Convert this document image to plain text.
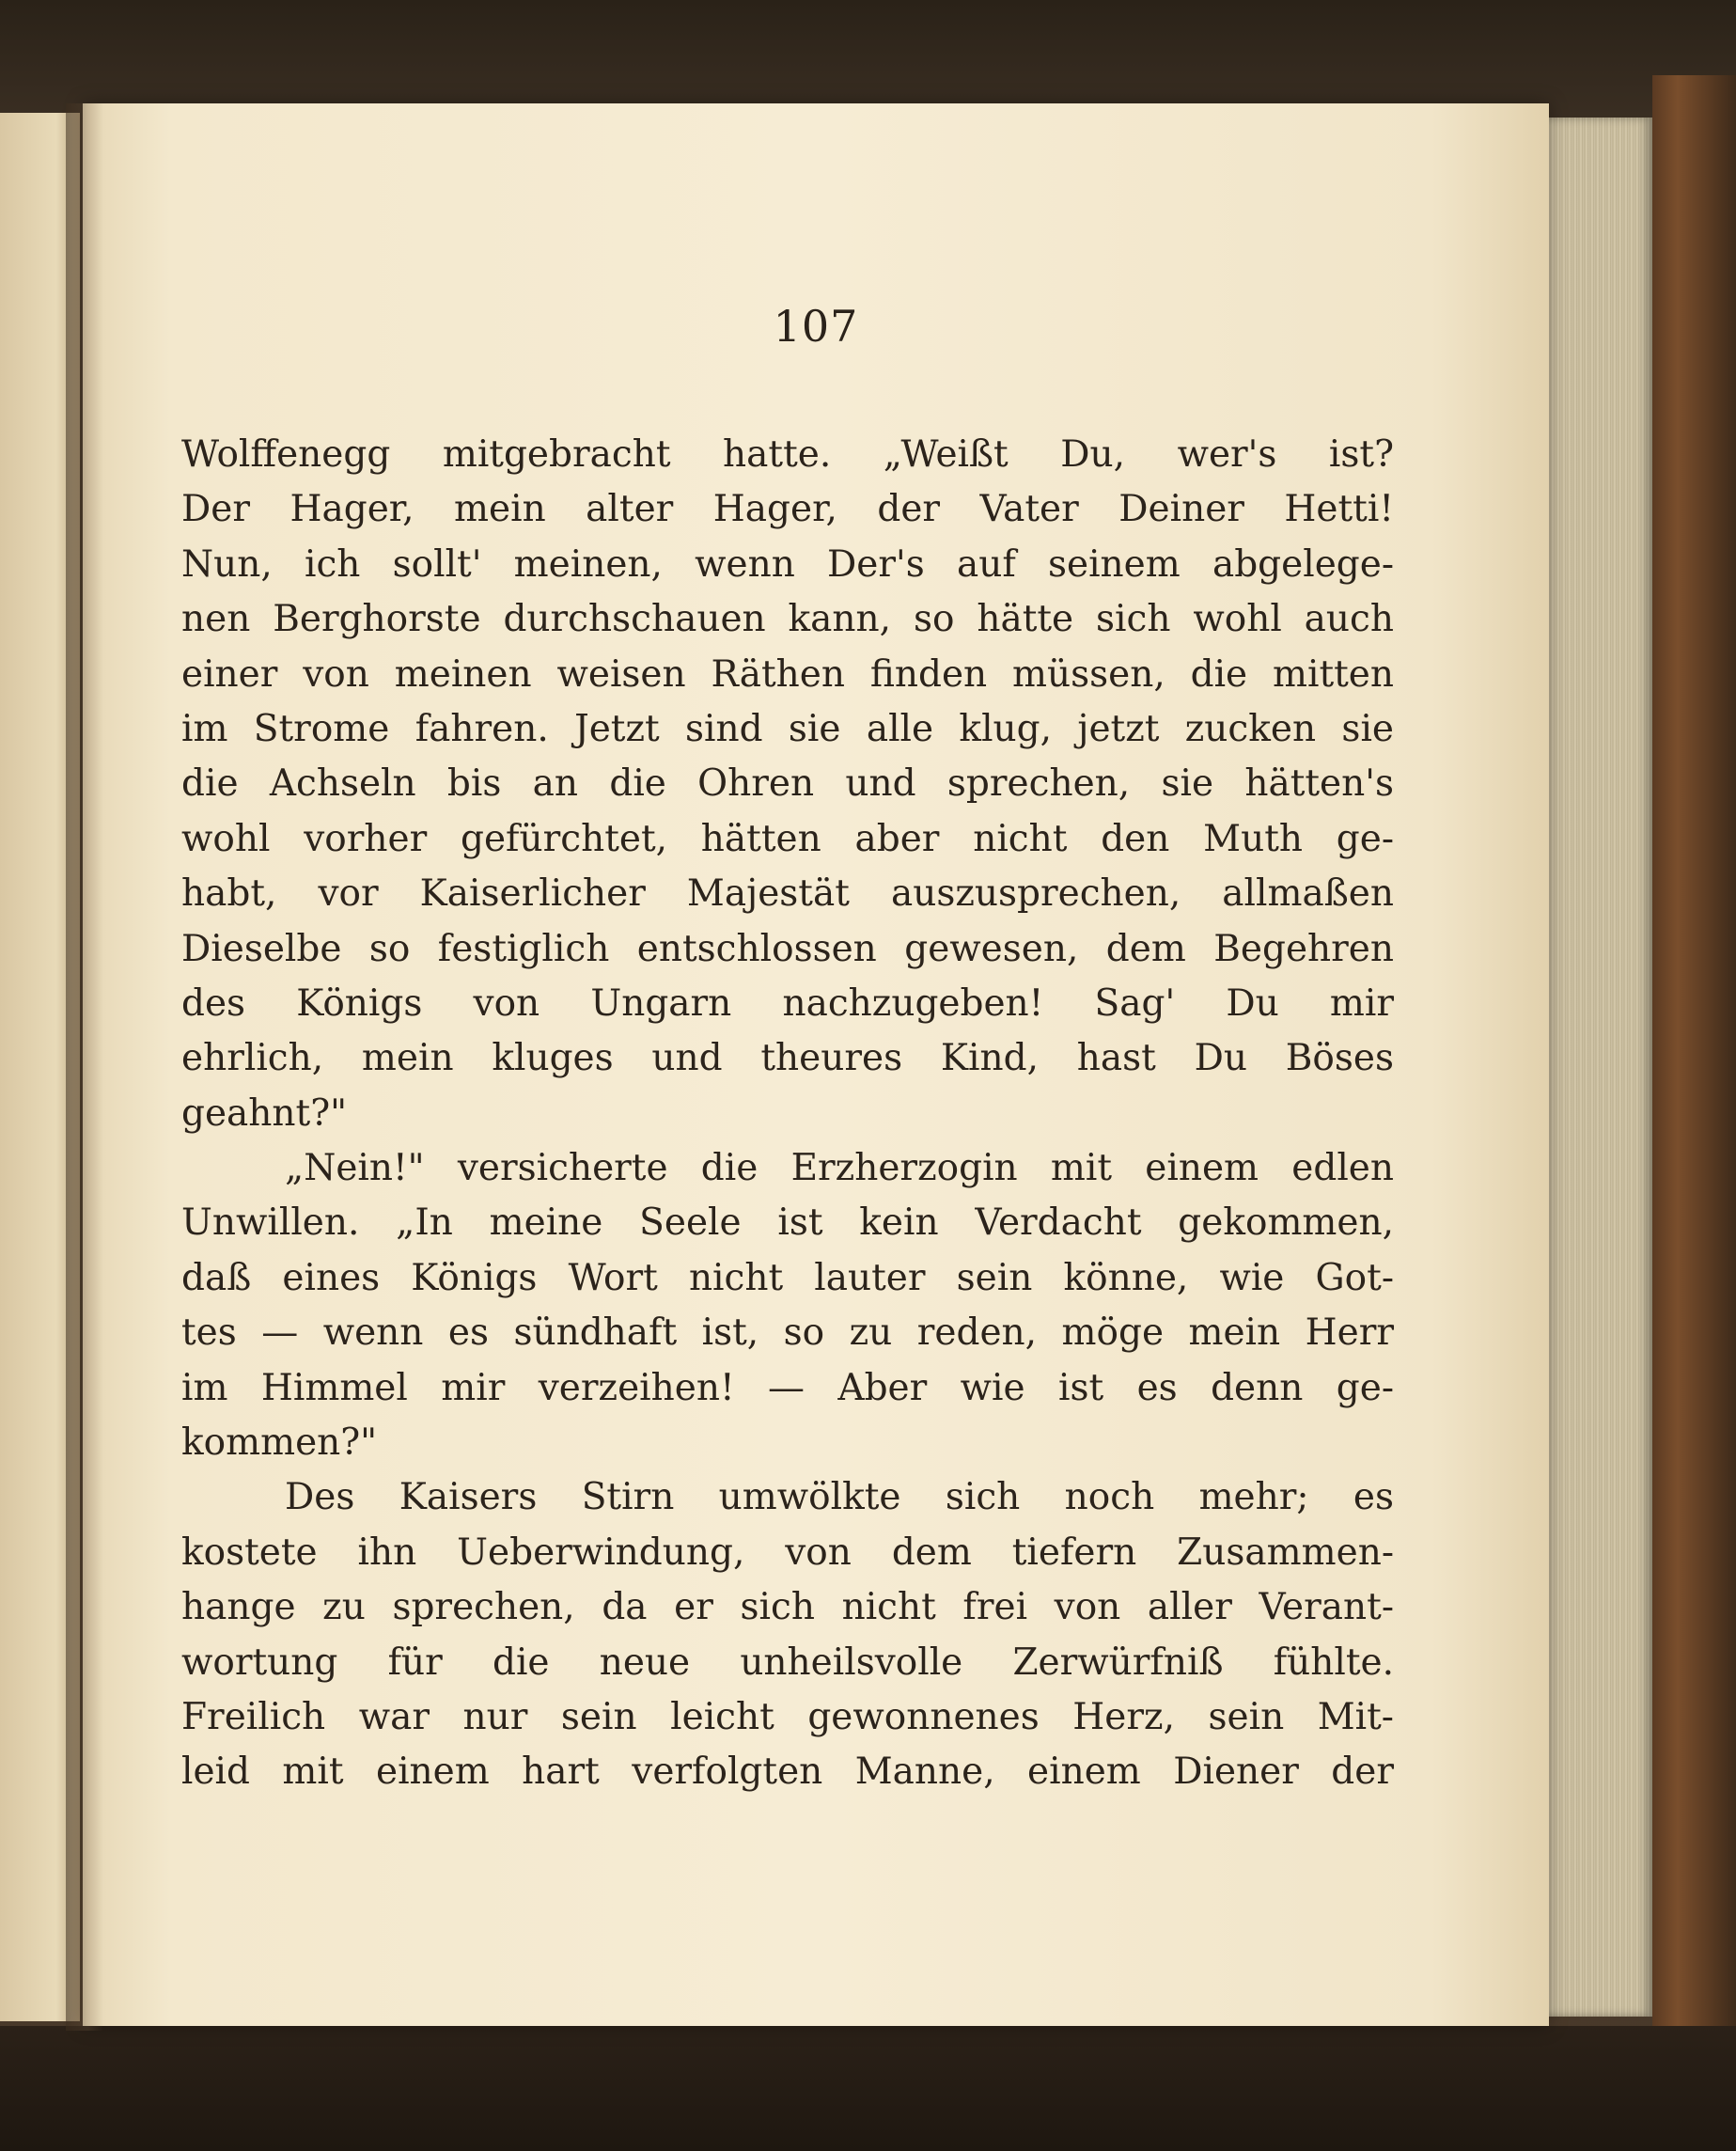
107
Wolffenegg mitgebracht hatte. „Weißt Du, wer's ist?
Der Hager, mein alter Hager, der Vater Deiner Hetti!
Nun, ich sollt' meinen, wenn Der's auf seinem abgelege-
nen Berghorste durchschauen kann, so hätte sich wohl auch
einer von meinen weisen Räthen finden müssen, die mitten
im Strome fahren. Jetzt sind sie alle klug, jetzt zucken sie
die Achseln bis an die Ohren und sprechen, sie hätten's
wohl vorher gefürchtet, hätten aber nicht den Muth ge-
habt, vor Kaiserlicher Majestät auszusprechen, allmaßen
Dieselbe so festiglich entschlossen gewesen, dem Begehren
des Königs von Ungarn nachzugeben! Sag' Du mir
ehrlich, mein kluges und theures Kind, hast Du Böses
geahnt?"
„Nein!" versicherte die Erzherzogin mit einem edlen
Unwillen. „In meine Seele ist kein Verdacht gekommen,
daß eines Königs Wort nicht lauter sein könne, wie Got-
tes — wenn es sündhaft ist, so zu reden, möge mein Herr
im Himmel mir verzeihen! — Aber wie ist es denn ge-
kommen?"
Des Kaisers Stirn umwölkte sich noch mehr; es
kostete ihn Ueberwindung, von dem tiefern Zusammen-
hange zu sprechen, da er sich nicht frei von aller Verant-
wortung für die neue unheilsvolle Zerwürfniß fühlte.
Freilich war nur sein leicht gewonnenes Herz, sein Mit-
leid mit einem hart verfolgten Manne, einem Diener der
